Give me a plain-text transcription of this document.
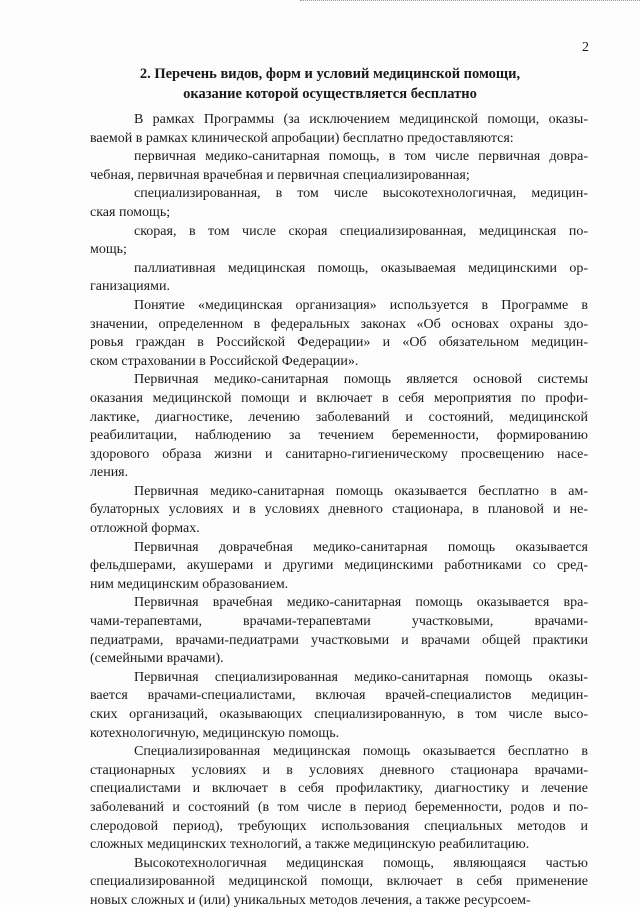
2
2. Перечень видов, форм и условий медицинской помощи,
оказание которой осуществляется бесплатно
В рамках Программы (за исключением медицинской помощи, оказы-
ваемой в рамках клинической апробации) бесплатно предоставляются:
первичная медико-санитарная помощь, в том числе первичная довра-
чебная, первичная врачебная и первичная специализированная;
специализированная, в том числе высокотехнологичная, медицин-
ская помощь;
скорая, в том числе скорая специализированная, медицинская по-
мощь;
паллиативная медицинская помощь, оказываемая медицинскими ор-
ганизациями.
Понятие «медицинская организация» используется в Программе в
значении, определенном в федеральных законах «Об основах охраны здо-
ровья граждан в Российской Федерации» и «Об обязательном медицин-
ском страховании в Российской Федерации».
Первичная медико-санитарная помощь является основой системы
оказания медицинской помощи и включает в себя мероприятия по профи-
лактике, диагностике, лечению заболеваний и состояний, медицинской
реабилитации, наблюдению за течением беременности, формированию
здорового образа жизни и санитарно-гигиеническому просвещению насе-
ления.
Первичная медико-санитарная помощь оказывается бесплатно в ам-
булаторных условиях и в условиях дневного стационара, в плановой и не-
отложной формах.
Первичная доврачебная медико-санитарная помощь оказывается
фельдшерами, акушерами и другими медицинскими работниками со сред-
ним медицинским образованием.
Первичная врачебная медико-санитарная помощь оказывается вра-
чами-терапевтами, врачами-терапевтами участковыми, врачами-
педиатрами, врачами-педиатрами участковыми и врачами общей практики
(семейными врачами).
Первичная специализированная медико-санитарная помощь оказы-
вается врачами-специалистами, включая врачей-специалистов медицин-
ских организаций, оказывающих специализированную, в том числе высо-
котехнологичную, медицинскую помощь.
Специализированная медицинская помощь оказывается бесплатно в
стационарных условиях и в условиях дневного стационара врачами-
специалистами и включает в себя профилактику, диагностику и лечение
заболеваний и состояний (в том числе в период беременности, родов и по-
слеродовой период), требующих использования специальных методов и
сложных медицинских технологий, а также медицинскую реабилитацию.
Высокотехнологичная медицинская помощь, являющаяся частью
специализированной медицинской помощи, включает в себя применение
новых сложных и (или) уникальных методов лечения, а также ресурсоем-
